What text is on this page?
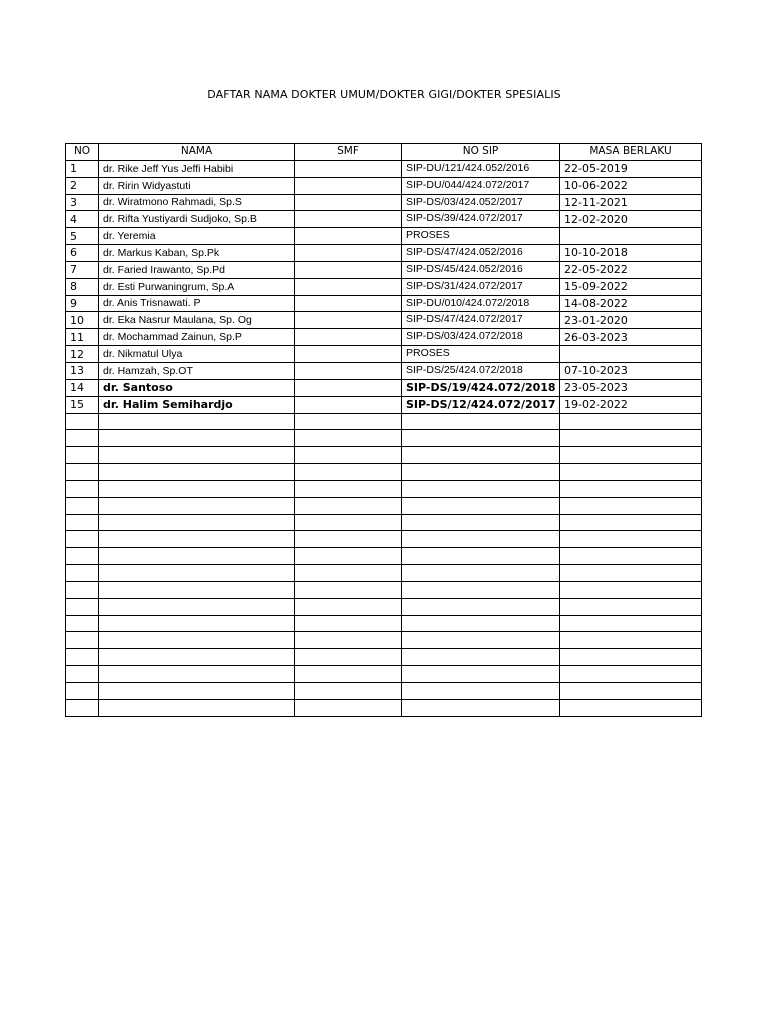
DAFTAR NAMA DOKTER UMUM/DOKTER GIGI/DOKTER SPESIALIS
NO	NAMA	SMF	NO SIP	MASA BERLAKU
1	dr. Rike Jeff Yus Jeffi Habibi		SIP-DU/121/424.052/2016	22-05-2019
2	dr. Ririn Widyastuti		SIP-DU/044/424.072/2017	10-06-2022
3	dr. Wiratmono Rahmadi, Sp.S		SIP-DS/03/424.052/2017	12-11-2021
4	dr. Rifta Yustiyardi Sudjoko, Sp.B		SIP-DS/39/424.072/2017	12-02-2020
5	dr. Yeremia		PROSES	
6	dr. Markus Kaban, Sp.Pk		SIP-DS/47/424.052/2016	10-10-2018
7	dr. Faried Irawanto, Sp.Pd		SIP-DS/45/424.052/2016	22-05-2022
8	dr. Esti Purwaningrum, Sp.A		SIP-DS/31/424.072/2017	15-09-2022
9	dr. Anis Trisnawati. P		SIP-DU/010/424.072/2018	14-08-2022
10	dr. Eka Nasrur Maulana, Sp. Og		SIP-DS/47/424.072/2017	23-01-2020
11	dr. Mochammad Zainun, Sp.P		SIP-DS/03/424.072/2018	26-03-2023
12	dr. Nikmatul Ulya		PROSES	
13	dr. Hamzah, Sp.OT		SIP-DS/25/424.072/2018	07-10-2023
14	dr. Santoso		SIP-DS/19/424.072/2018	23-05-2023
15	dr. Halim Semihardjo		SIP-DS/12/424.072/2017	19-02-2022
